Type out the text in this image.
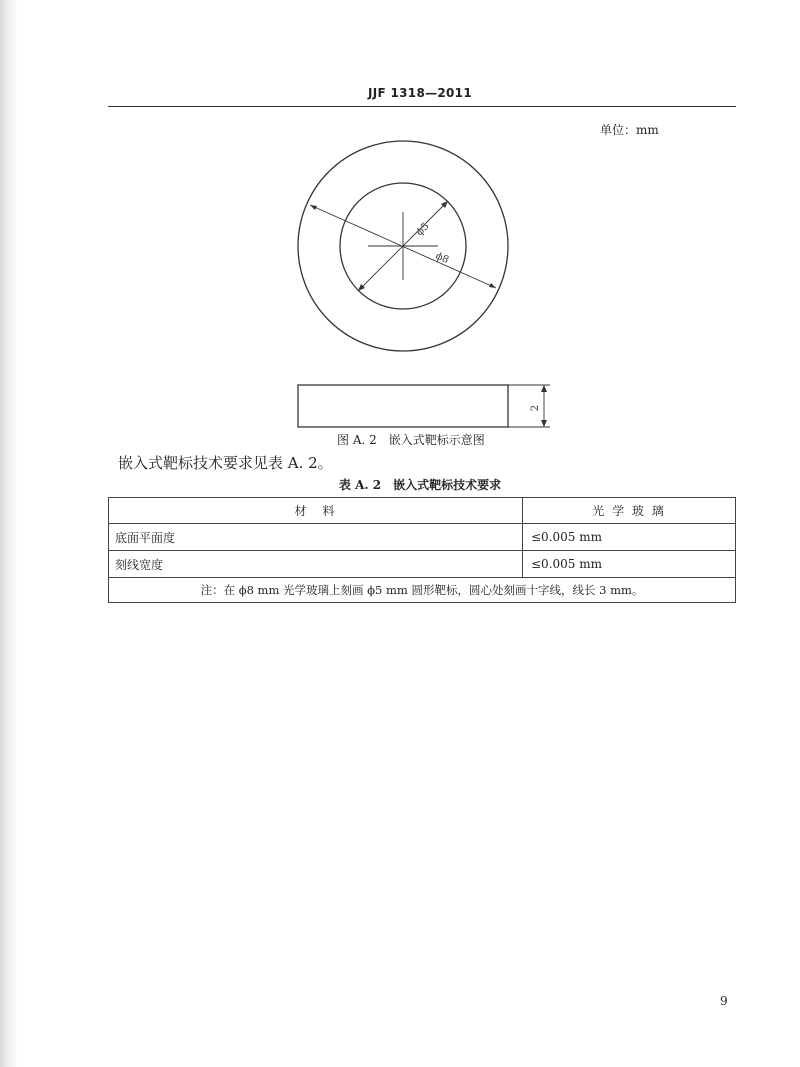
JJF 1318—2011
单位：mm
ϕ5
ϕ8
2
图 A. 2　嵌入式靶标示意图
嵌入式靶标技术要求见表 A. 2。
表 A. 2　嵌入式靶标技术要求
材　料	光 学 玻 璃
底面平面度	≤0.005 mm
刻线宽度	≤0.005 mm
注：在 ϕ8 mm 光学玻璃上刻画 ϕ5 mm 圆形靶标，圆心处刻画十字线，线长 3 mm。	
9
